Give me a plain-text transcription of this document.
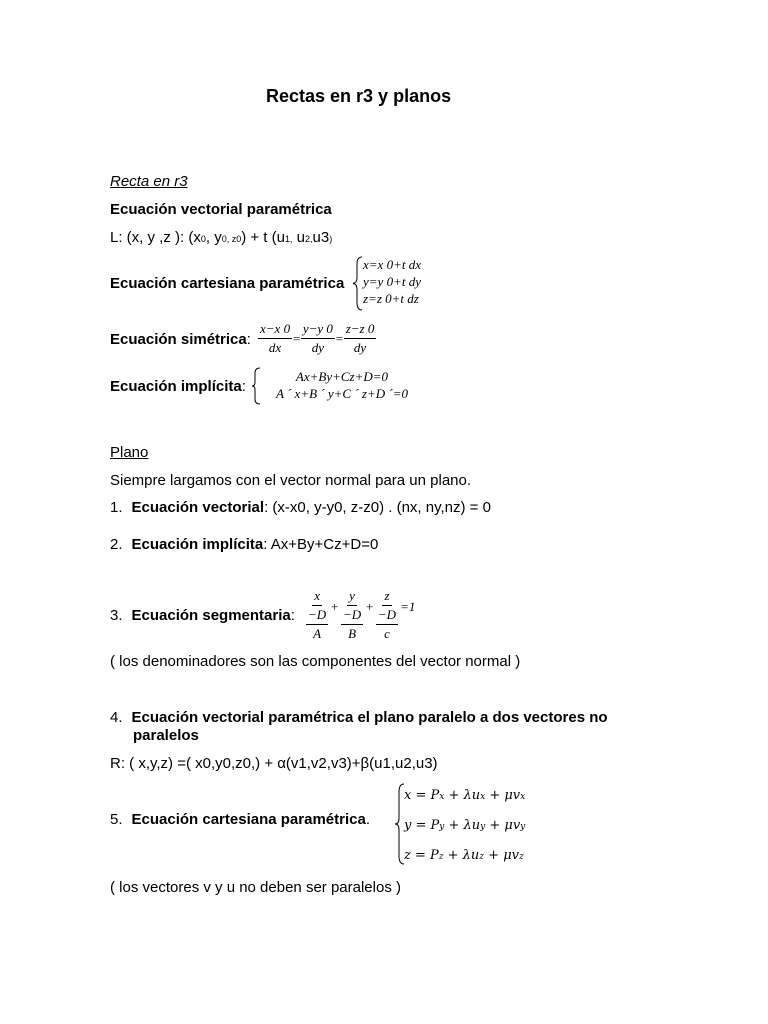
Rectas en r3 y planos
Recta en r3
Ecuación vectorial paramétrica
L: (x, y ,z ): (x0, y0, z0) + t (u1, u2,u3)
Ecuación cartesiana paramétrica
x=x 0+t dx
y=y 0+t dy
z=z 0+t dz
Ecuación simétrica: $\frac{x-x 0}{dx} = \frac{y-y 0}{dy} = \frac{z-z 0}{dy}$
Ecuación implícita:
Ax+By+Cz+D=0
A ´ x+B ´ y+C ´ z+D ´=0
Plano
Siempre largamos con el vector normal para un plano.
1. Ecuación vectorial: (x-x0, y-y0, z-z0) . (nx, ny,nz) = 0
2. Ecuación implícita: Ax+By+Cz+D=0
3. Ecuación segmentaria: $\frac{x}{\frac{-D}{A}} + \frac{y}{\frac{-D}{B}} + \frac{z}{\frac{-D}{c}} =1$
( los denominadores son las componentes del vector normal )
4. Ecuación vectorial paramétrica el plano paralelo a dos vectores no
paralelos
R: ( x,y,z) =( x0,y0,z0,) + α(v1,v2,v3)+β(u1,u2,u3)
5. Ecuación cartesiana paramétrica.
x = Px + λux + μvx
y = Py + λuy + μvy
z = Pz + λuz + μvz
( los vectores v y u no deben ser paralelos )
